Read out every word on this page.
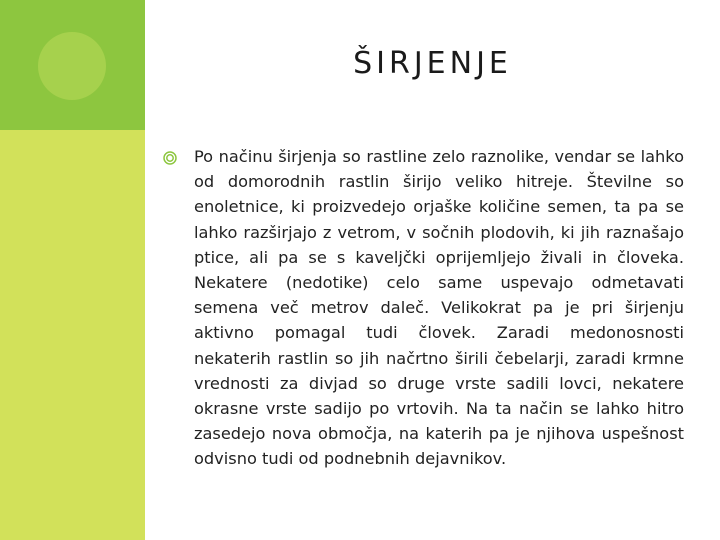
ŠIRJENJE
Po načinu širjenja so rastline zelo raznolike, vendar se lahko od domorodnih rastlin širijo veliko hitreje. Številne so enoletnice, ki proizvedejo orjaške količine semen, ta pa se lahko razširjajo z vetrom, v sočnih plodovih, ki jih raznašajo ptice, ali pa se s kaveljčki oprijemljejo živali in človeka. Nekatere (nedotike) celo same uspevajo odmetavati semena več metrov daleč. Velikokrat pa je pri širjenju aktivno pomagal tudi človek. Zaradi medonosnosti nekaterih rastlin so jih načrtno širili čebelarji, zaradi krmne vrednosti za divjad so druge vrste sadili lovci, nekatere okrasne vrste sadijo po vrtovih. Na ta način se lahko hitro zasedejo nova območja, na katerih pa je njihova uspešnost odvisno tudi od podnebnih dejavnikov.
